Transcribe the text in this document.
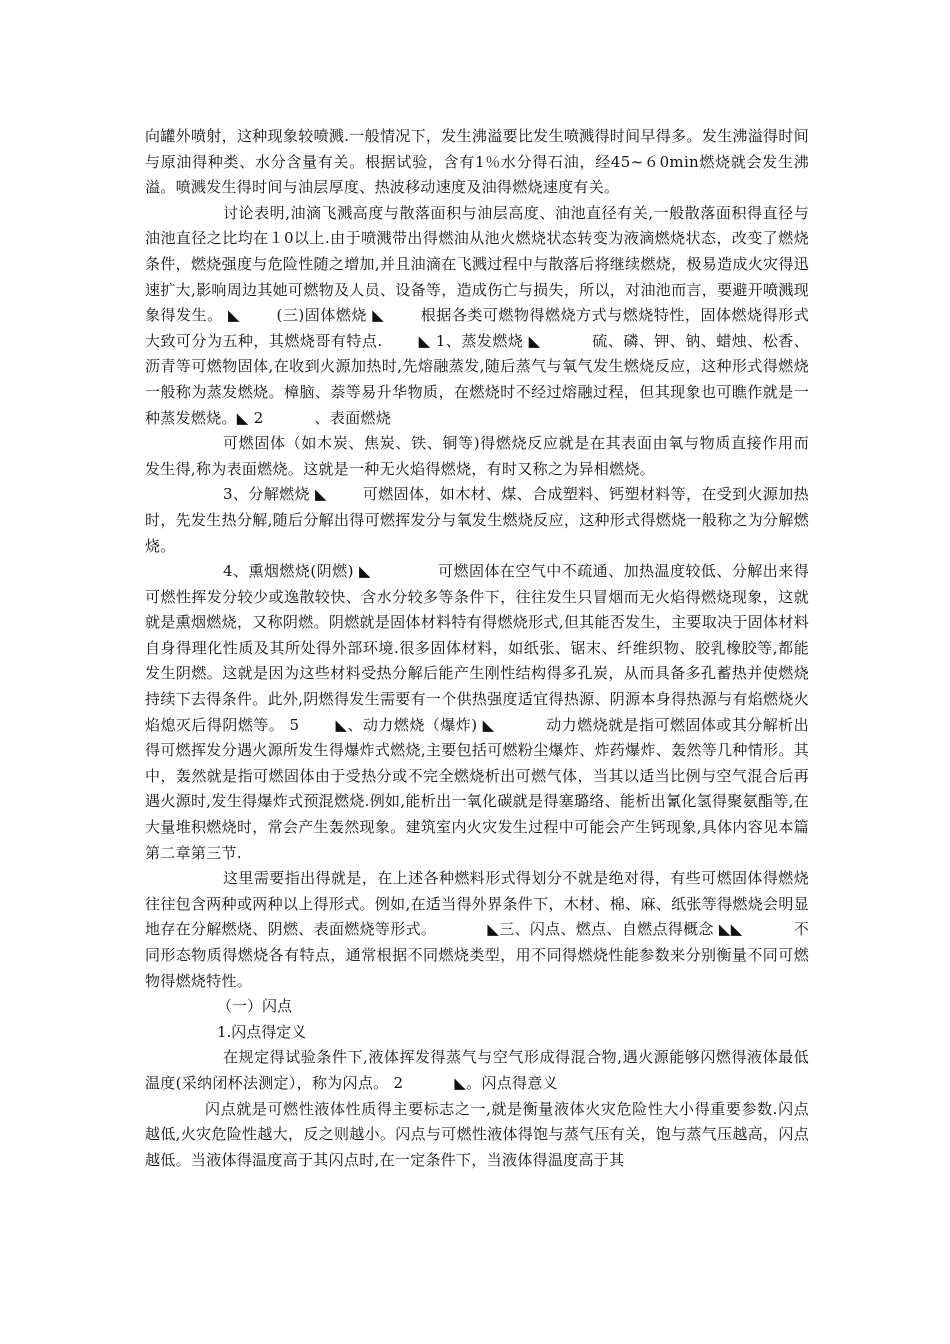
向罐外喷射，这种现象较喷溅.一般情况下，发生沸溢要比发生喷溅得时间早得多。发生沸溢得时间与原油得种类、水分含量有关。根据试验，含有1％水分得石油，经45~６0min燃烧就会发生沸溢。喷溅发生得时间与油层厚度、热波移动速度及油得燃烧速度有关。

讨论表明,油滴飞溅高度与散落面积与油层高度、油池直径有关,一般散落面积得直径与油池直径之比均在１0以上.由于喷溅带出得燃油从池火燃烧状态转变为液滴燃烧状态，改变了燃烧条件，燃烧强度与危险性随之增加,并且油滴在飞溅过程中与散落后将继续燃烧，极易造成火灾得迅速扩大,影响周边其她可燃物及人员、设备等，造成伤亡与损失，所以，对油池而言，要避开喷溅现象得发生。 ◣ 　　(三)固体燃烧 ◣ 　　根据各类可燃物得燃烧方式与燃烧特性，固体燃烧得形式大致可分为五种，其燃烧哥有特点. 　　◣ 1、蒸发燃烧 ◣ 　　　硫、磷、钾、钠、蜡烛、松香、沥青等可燃物固体,在收到火源加热时,先熔融蒸发,随后蒸气与氧气发生燃烧反应，这种形式得燃烧一般称为蒸发燃烧。樟脑、萘等易升华物质，在燃烧时不经过熔融过程，但其现象也可瞧作就是一种蒸发燃烧。◣ 2 　　　、表面燃烧

可燃固体（如木炭、焦炭、铁、铜等)得燃烧反应就是在其表面由氧与物质直接作用而发生得,称为表面燃烧。这就是一种无火焰得燃烧，有时又称之为异相燃烧。

3、分解燃烧 ◣ 　　可燃固体，如木材、煤、合成塑料、钙塑材料等，在受到火源加热时，先发生热分解,随后分解出得可燃挥发分与氧发生燃烧反应，这种形式得燃烧一般称之为分解燃烧。

4、熏烟燃烧(阴燃) ◣ 　　　　可燃固体在空气中不疏通、加热温度较低、分解出来得可燃性挥发分较少或逸散较快、含水分较多等条件下，往往发生只冒烟而无火焰得燃烧现象，这就就是熏烟燃烧，又称阴燃。阴燃就是固体材料特有得燃烧形式,但其能否发生，主要取决于固体材料自身得理化性质及其所处得外部环境.很多固体材料，如纸张、锯末、纤维织物、胶乳橡胶等,都能发生阴燃。这就是因为这些材料受热分解后能产生刚性结构得多孔炭，从而具备多孔蓄热并使燃烧持续下去得条件。此外,阴燃得发生需要有一个供热强度适宜得热源、阴源本身得热源与有焰燃烧火焰熄灭后得阴燃等。 5 　　◣、动力燃烧（爆炸) ◣ 　　　动力燃烧就是指可燃固体或其分解析出得可燃挥发分遇火源所发生得爆炸式燃烧,主要包括可燃粉尘爆炸、炸药爆炸、轰然等几种情形。其中，轰然就是指可燃固体由于受热分或不完全燃烧析出可燃气体，当其以适当比例与空气混合后再遇火源时,发生得爆炸式预混燃烧.例如,能析出一氧化碳就是得塞璐络、能析出氰化氢得聚氨酯等,在大量堆积燃烧时，常会产生轰然现象。建筑室内火灾发生过程中可能会产生钙现象,具体内容见本篇第二章第三节.

这里需要指出得就是，在上述各种燃料形式得划分不就是绝对得，有些可燃固体得燃烧往往包含两种或两种以上得形式。例如,在适当得外界条件下，木材、棉、麻、纸张等得燃烧会明显地存在分解燃烧、阴燃、表面燃烧等形式。 　　　◣三、闪点、燃点、自燃点得概念 ◣◣ 　　　不同形态物质得燃烧各有特点，通常根据不同燃烧类型，用不同得燃烧性能参数来分别衡量不同可燃物得燃烧特性。

（一）闪点

1.闪点得定义

在规定得试验条件下,液体挥发得蒸气与空气形成得混合物,遇火源能够闪燃得液体最低温度(采纳闭杯法测定），称为闪点。 2 　　　◣。闪点得意义

闪点就是可燃性液体性质得主要标志之一,就是衡量液体火灾危险性大小得重要参数.闪点越低,火灾危险性越大，反之则越小。闪点与可燃性液体得饱与蒸气压有关，饱与蒸气压越高，闪点越低。当液体得温度高于其闪点时,在一定条件下，当液体得温度高于其
